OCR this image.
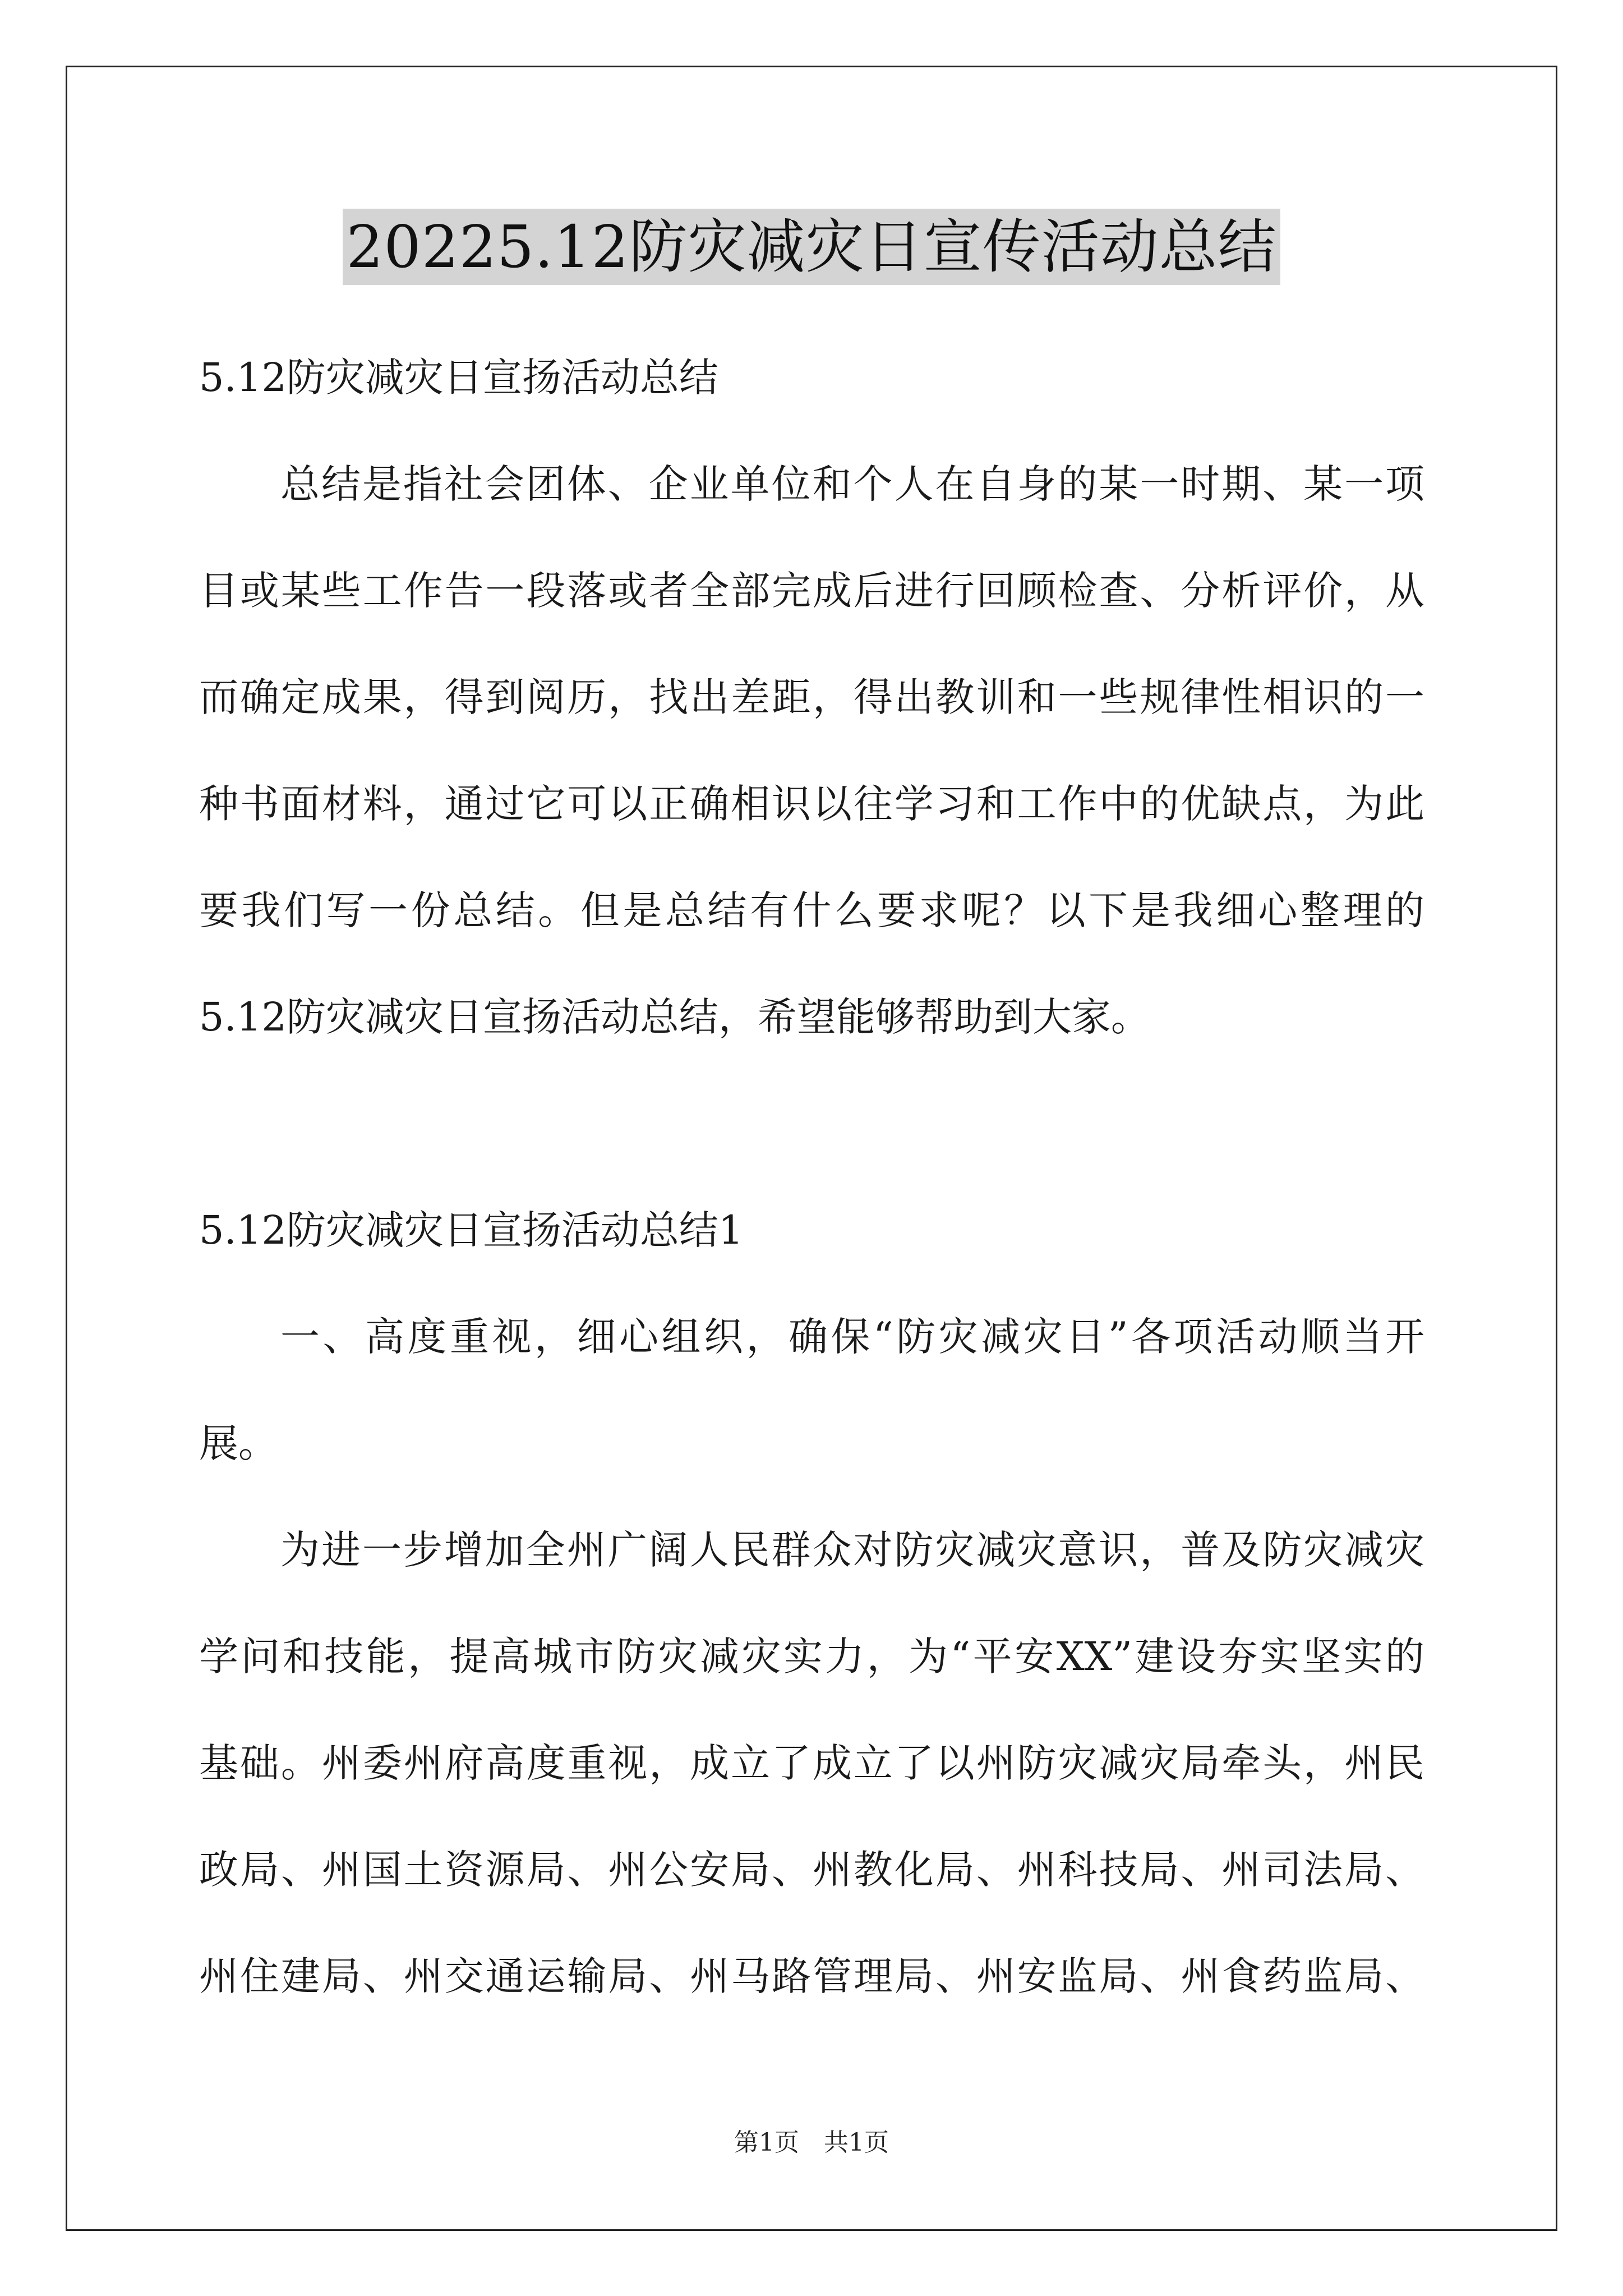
20225.12防灾减灾日宣传活动总结
5.12防灾减灾日宣扬活动总结
总结是指社会团体、企业单位和个人在自身的某一时期、某一项
目或某些工作告一段落或者全部完成后进行回顾检查、分析评价，从
而确定成果，得到阅历，找出差距，得出教训和一些规律性相识的一
种书面材料，通过它可以正确相识以往学习和工作中的优缺点，为此
要我们写一份总结。但是总结有什么要求呢？以下是我细心整理的
5.12防灾减灾日宣扬活动总结，希望能够帮助到大家。
5.12防灾减灾日宣扬活动总结1
一、高度重视，细心组织，确保“防灾减灾日”各项活动顺当开
展。
为进一步增加全州广阔人民群众对防灾减灾意识，普及防灾减灾
学问和技能，提高城市防灾减灾实力，为“平安XX”建设夯实坚实的
基础。州委州府高度重视，成立了成立了以州防灾减灾局牵头，州民
政局、州国土资源局、州公安局、州教化局、州科技局、州司法局、
州住建局、州交通运输局、州马路管理局、州安监局、州食药监局、
第1页　共1页
